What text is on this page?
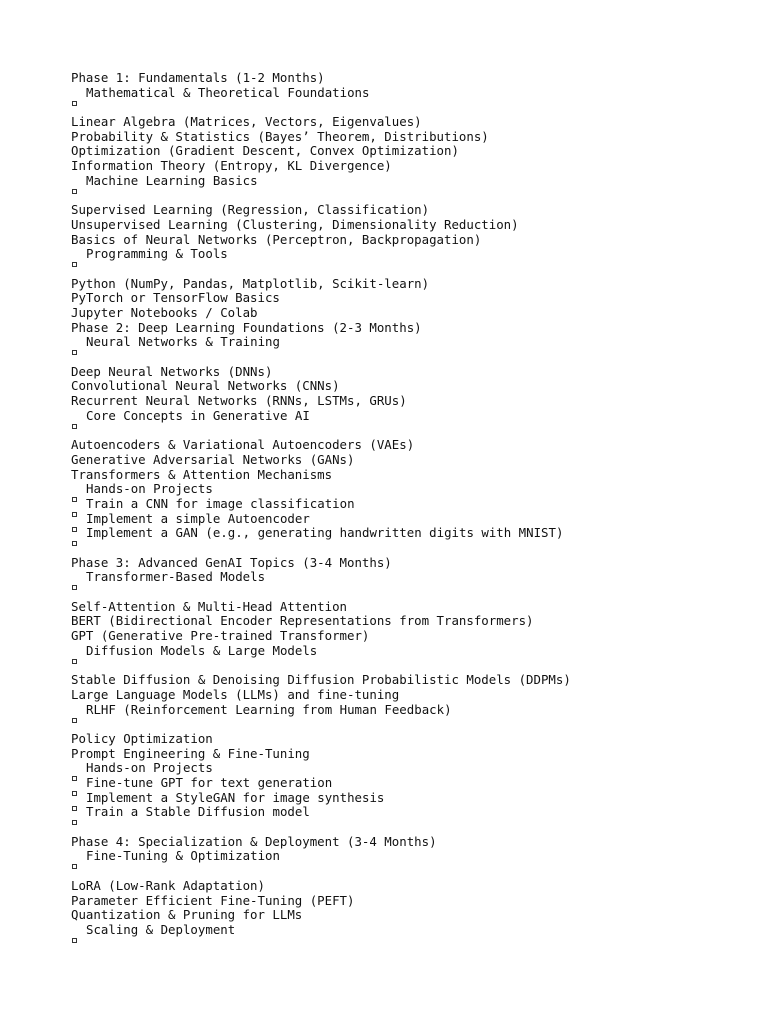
Phase 1: Fundamentals (1-2 Months)
Mathematical & Theoretical Foundations
Linear Algebra (Matrices, Vectors, Eigenvalues)
Probability & Statistics (Bayes’ Theorem, Distributions)
Optimization (Gradient Descent, Convex Optimization)
Information Theory (Entropy, KL Divergence)
Machine Learning Basics
Supervised Learning (Regression, Classification)
Unsupervised Learning (Clustering, Dimensionality Reduction)
Basics of Neural Networks (Perceptron, Backpropagation)
Programming & Tools
Python (NumPy, Pandas, Matplotlib, Scikit-learn)
PyTorch or TensorFlow Basics
Jupyter Notebooks / Colab
Phase 2: Deep Learning Foundations (2-3 Months)
Neural Networks & Training
Deep Neural Networks (DNNs)
Convolutional Neural Networks (CNNs)
Recurrent Neural Networks (RNNs, LSTMs, GRUs)
Core Concepts in Generative AI
Autoencoders & Variational Autoencoders (VAEs)
Generative Adversarial Networks (GANs)
Transformers & Attention Mechanisms
Hands-on Projects
Train a CNN for image classification
Implement a simple Autoencoder
Implement a GAN (e.g., generating handwritten digits with MNIST)
Phase 3: Advanced GenAI Topics (3-4 Months)
Transformer-Based Models
Self-Attention & Multi-Head Attention
BERT (Bidirectional Encoder Representations from Transformers)
GPT (Generative Pre-trained Transformer)
Diffusion Models & Large Models
Stable Diffusion & Denoising Diffusion Probabilistic Models (DDPMs)
Large Language Models (LLMs) and fine-tuning
RLHF (Reinforcement Learning from Human Feedback)
Policy Optimization
Prompt Engineering & Fine-Tuning
Hands-on Projects
Fine-tune GPT for text generation
Implement a StyleGAN for image synthesis
Train a Stable Diffusion model
Phase 4: Specialization & Deployment (3-4 Months)
Fine-Tuning & Optimization
LoRA (Low-Rank Adaptation)
Parameter Efficient Fine-Tuning (PEFT)
Quantization & Pruning for LLMs
Scaling & Deployment
